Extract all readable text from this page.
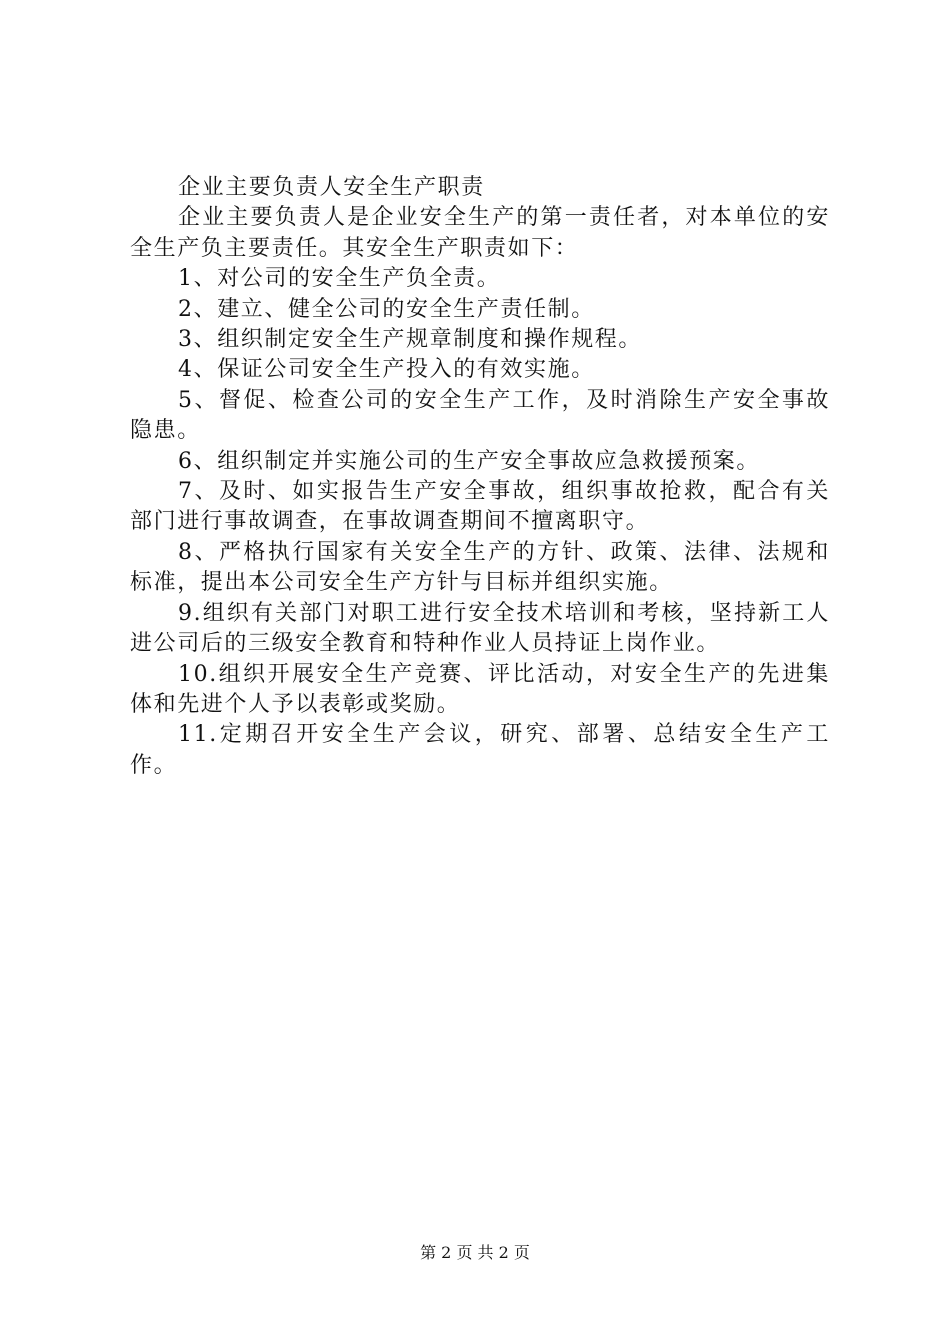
企业主要负责人安全生产职责

企业主要负责人是企业安全生产的第一责任者，对本单位的安全生产负主要责任。其安全生产职责如下：

1、对公司的安全生产负全责。

2、建立、健全公司的安全生产责任制。

3、组织制定安全生产规章制度和操作规程。

4、保证公司安全生产投入的有效实施。

5、督促、检查公司的安全生产工作，及时消除生产安全事故隐患。

6、组织制定并实施公司的生产安全事故应急救援预案。

7、及时、如实报告生产安全事故，组织事故抢救，配合有关部门进行事故调查，在事故调查期间不擅离职守。

8、严格执行国家有关安全生产的方针、政策、法律、法规和标准，提出本公司安全生产方针与目标并组织实施。

9.组织有关部门对职工进行安全技术培训和考核，坚持新工人进公司后的三级安全教育和特种作业人员持证上岗作业。

10.组织开展安全生产竞赛、评比活动，对安全生产的先进集体和先进个人予以表彰或奖励。

11.定期召开安全生产会议，研究、部署、总结安全生产工作。

第 2 页 共 2 页
